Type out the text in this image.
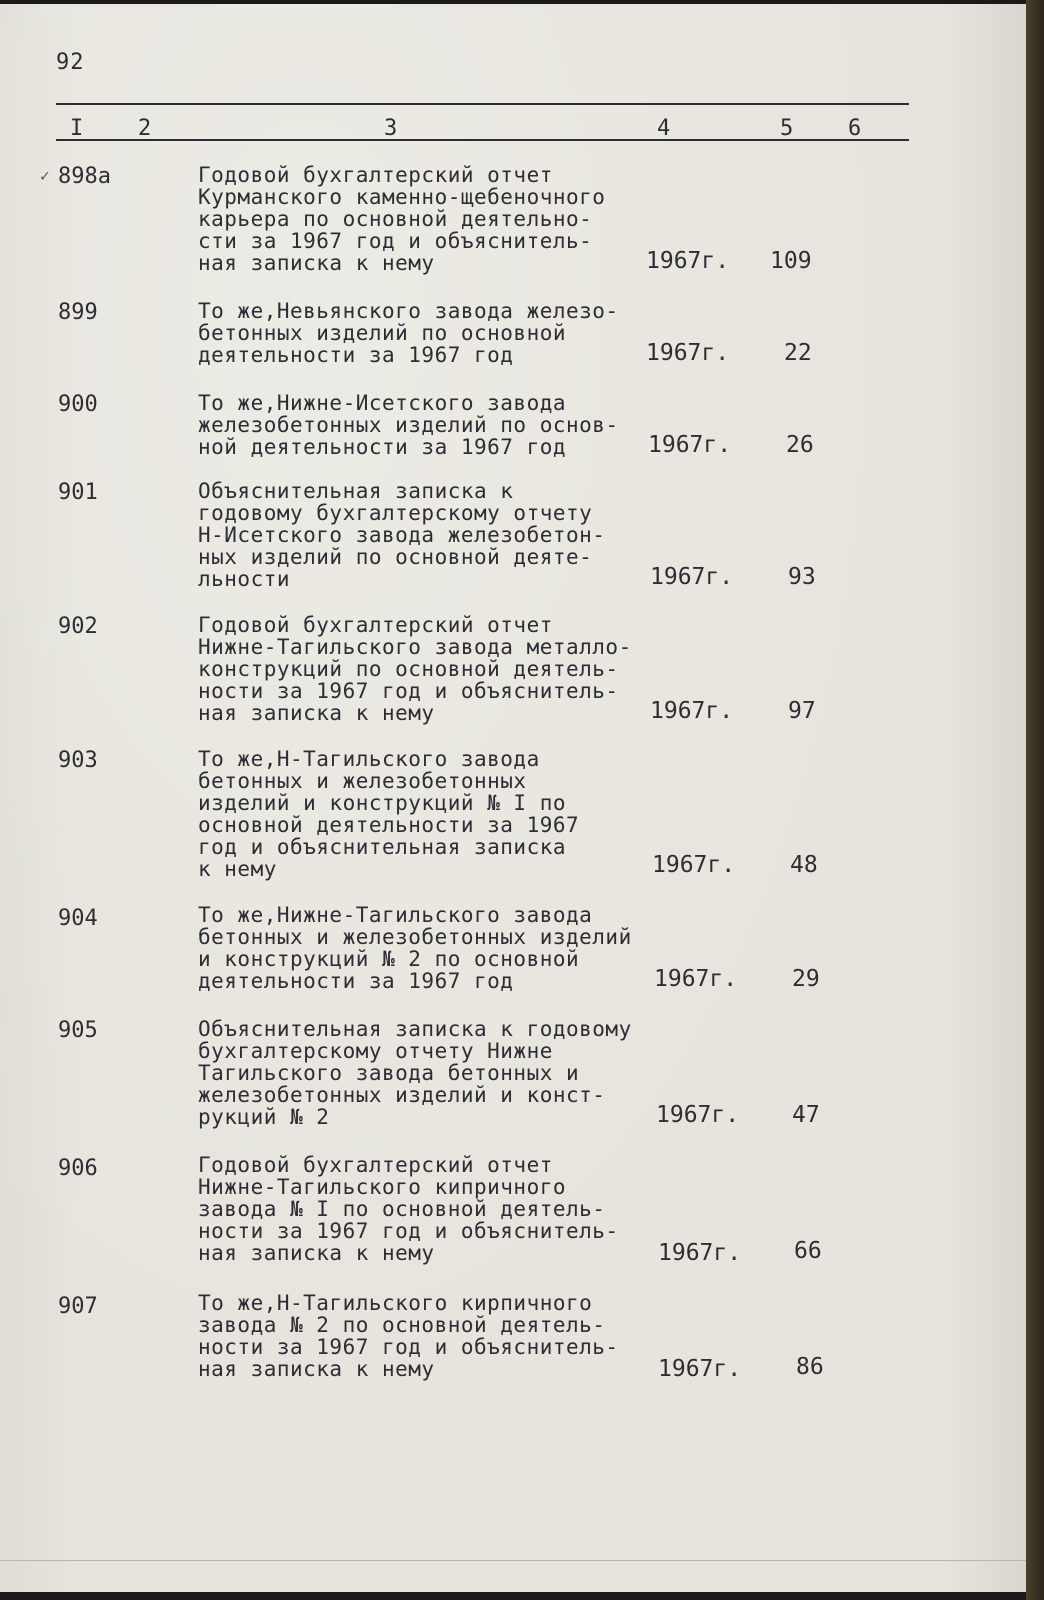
92
I 2	3	4	5 6
✓ 898а	Годовой бухгалтерский отчет
Курманского каменно-щебеночного
карьера по основной деятельно-
сти за 1967 год и объяснитель-
ная записка к нему	1967г. 109
899	То же,Невьянского завода железо-
бетонных изделий по основной
деятельности за 1967 год	1967г. 22
900	То же,Нижне-Исетского завода
железобетонных изделий по основ-
ной деятельности за 1967 год	1967г. 26
901	Объяснительная записка к
годовому бухгалтерскому отчету
Н-Исетского завода железобетон-
ных изделий по основной деяте-
льности	1967г. 93
902	Годовой бухгалтерский отчет
Нижне-Тагильского завода металло-
конструкций по основной деятель-
ности за 1967 год и объяснитель-
ная записка к нему	1967г. 97
903	То же,Н-Тагильского завода
бетонных и железобетонных
изделий и конструкций № I по
основной деятельности за 1967
год и объяснительная записка
к нему	1967г. 48
904	То же,Нижне-Тагильского завода
бетонных и железобетонных изделий
и конструкций № 2 по основной
деятельности за 1967 год	1967г. 29
905	Объяснительная записка к годовому
бухгалтерскому отчету Нижне
Тагильского завода бетонных и
железобетонных изделий и конст-
рукций № 2	1967г. 47
906	Годовой бухгалтерский отчет
Нижне-Тагильского кипричного
завода № I по основной деятель-
ности за 1967 год и объяснитель-
ная записка к нему	1967г. 66
907	То же,Н-Тагильского кирпичного
завода № 2 по основной деятель-
ности за 1967 год и объяснитель-
ная записка к нему	1967г. 86
